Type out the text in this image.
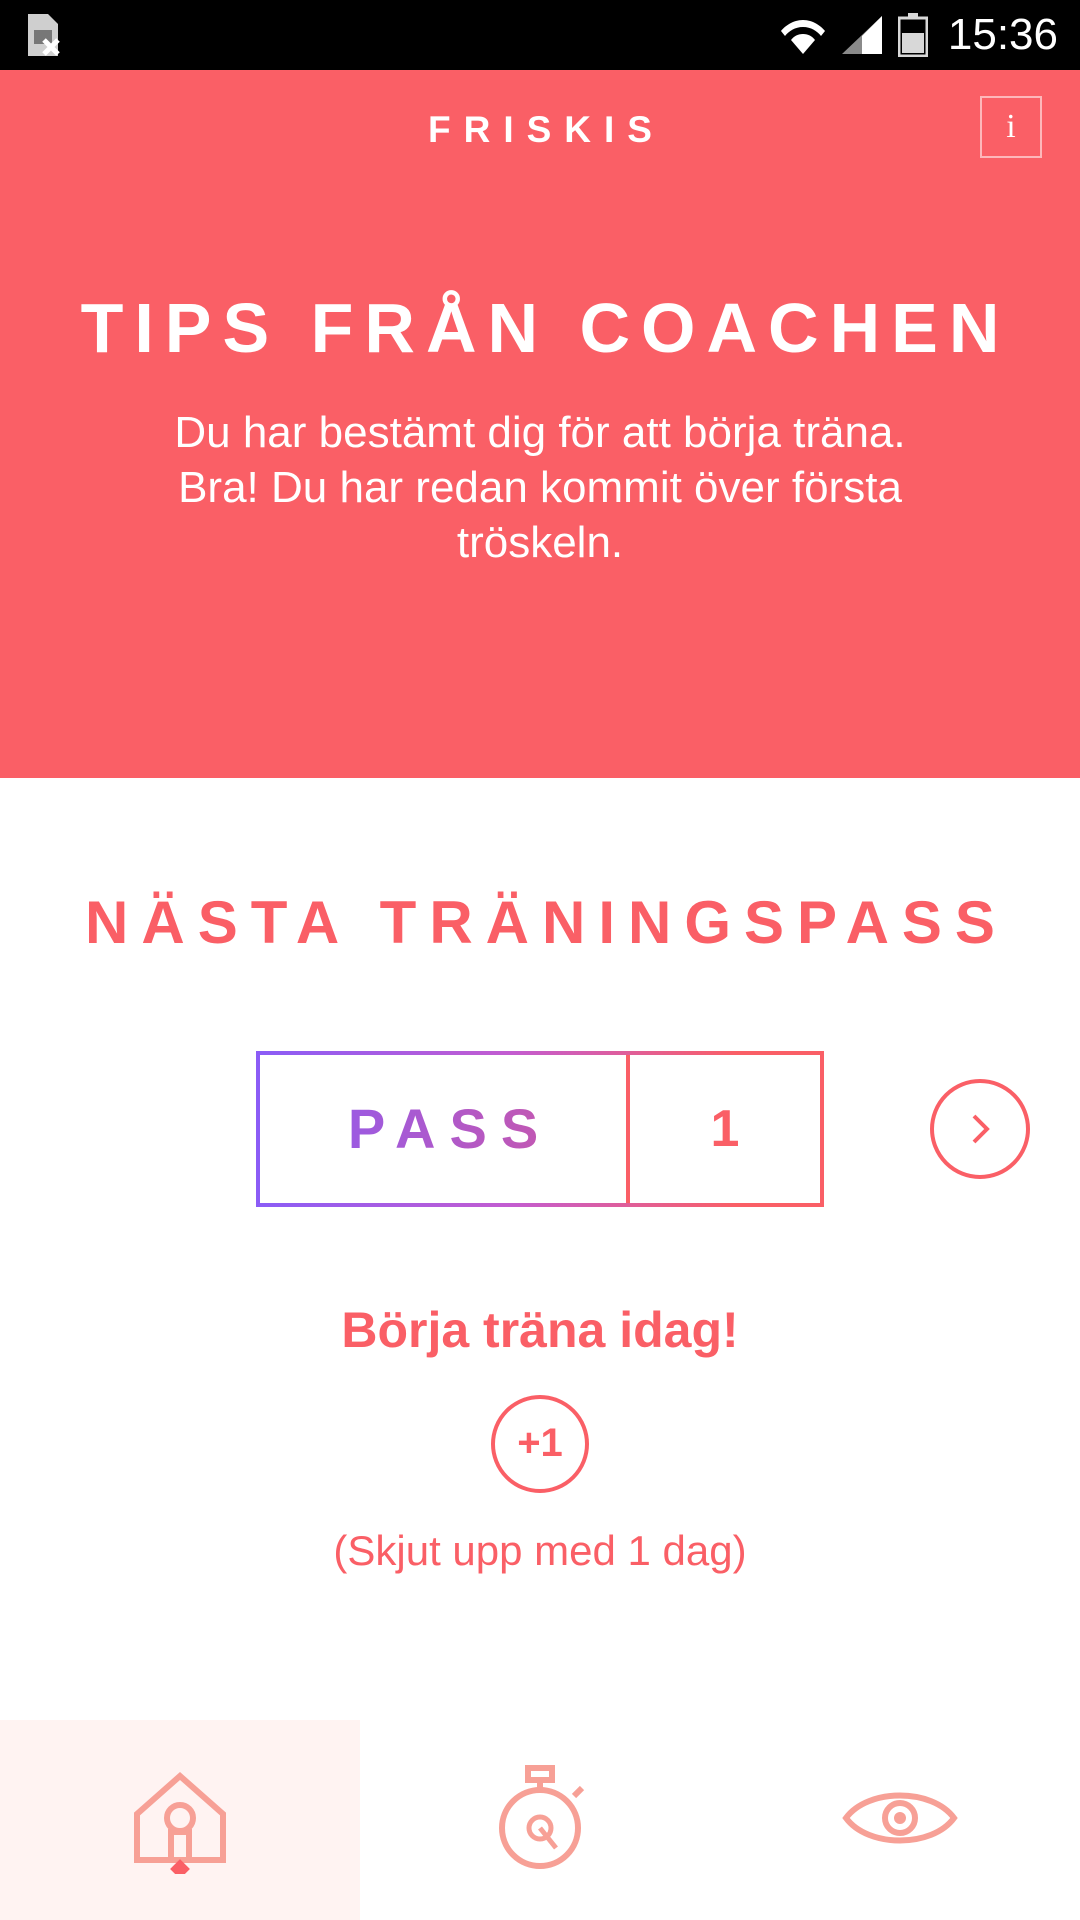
15:36
FRISKIS	i
TIPS FRÅN COACHEN
Du har bestämt dig för att börja träna. Bra! Du har redan kommit över första tröskeln.
NÄSTA TRÄNINGSPASS
PASS	1
Börja träna idag!
+1
(Skjut upp med 1 dag)
